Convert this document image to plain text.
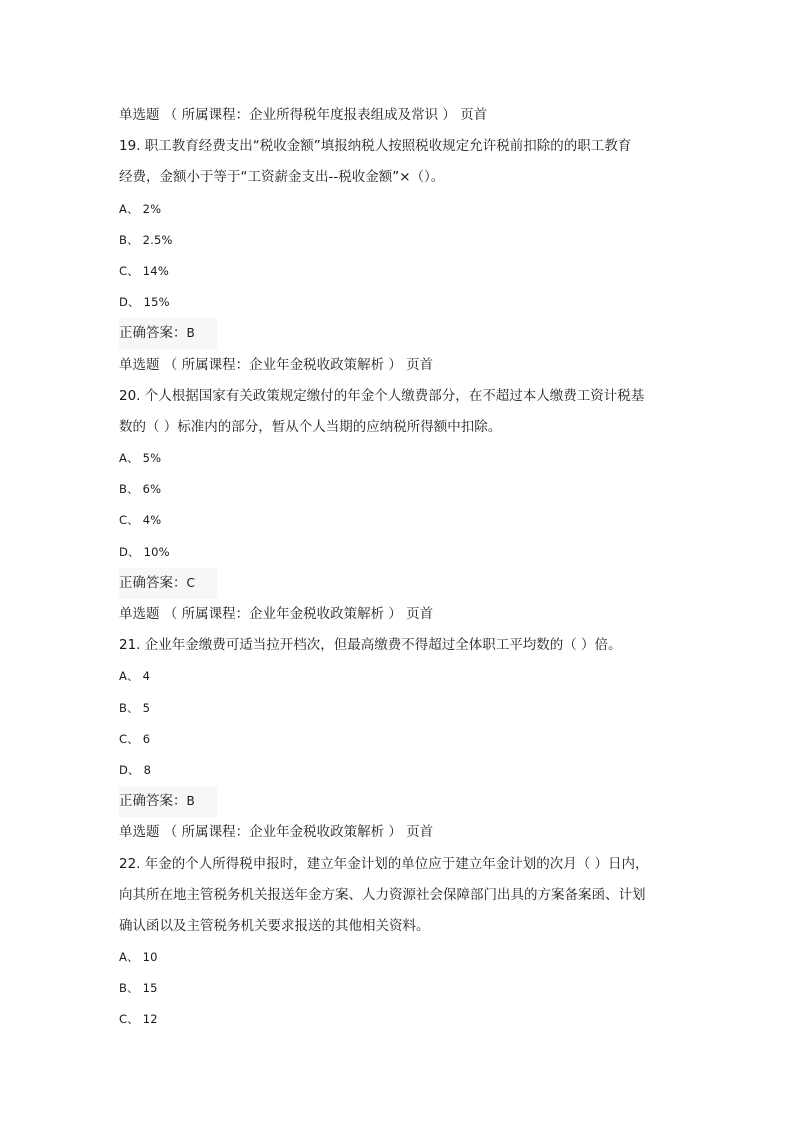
单选题 （ 所属课程：企业所得税年度报表组成及常识 ） 页首
19. 职工教育经费支出“税收金额”填报纳税人按照税收规定允许税前扣除的的职工教育
经费，金额小于等于“工资薪金支出--税收金额”×（）。
A、 2%
B、 2.5%
C、 14%
D、 15%
正确答案：B
单选题 （ 所属课程：企业年金税收政策解析 ） 页首
20. 个人根据国家有关政策规定缴付的年金个人缴费部分，在不超过本人缴费工资计税基
数的（ ）标准内的部分，暂从个人当期的应纳税所得额中扣除。
A、 5%
B、 6%
C、 4%
D、 10%
正确答案：C
单选题 （ 所属课程：企业年金税收政策解析 ） 页首
21. 企业年金缴费可适当拉开档次，但最高缴费不得超过全体职工平均数的（ ）倍。
A、 4
B、 5
C、 6
D、 8
正确答案：B
单选题 （ 所属课程：企业年金税收政策解析 ） 页首
22. 年金的个人所得税申报时，建立年金计划的单位应于建立年金计划的次月（ ）日内，
向其所在地主管税务机关报送年金方案、人力资源社会保障部门出具的方案备案函、计划
确认函以及主管税务机关要求报送的其他相关资料。
A、 10
B、 15
C、 12
